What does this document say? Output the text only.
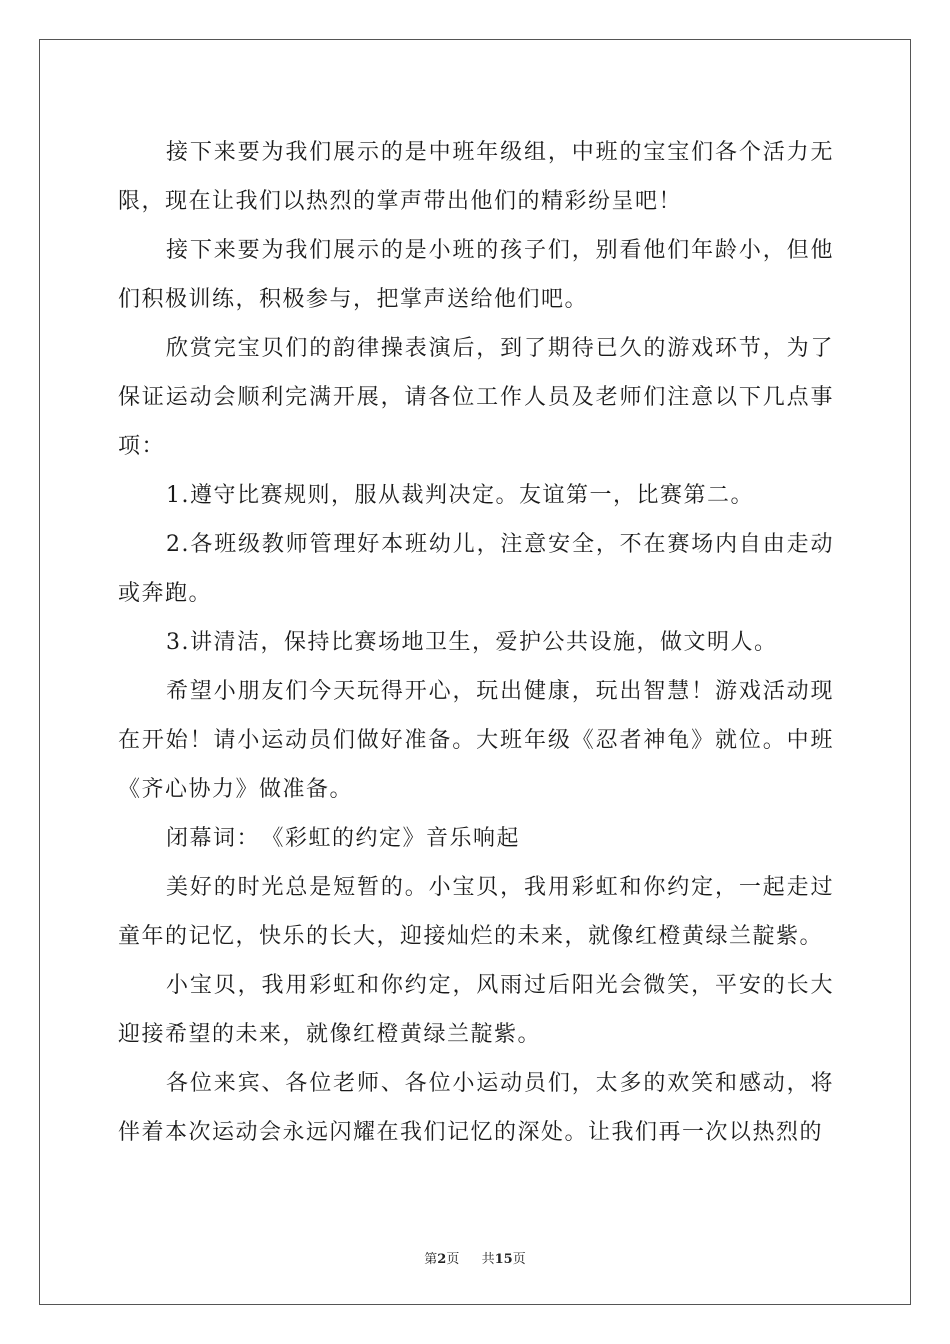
接下来要为我们展示的是中班年级组，中班的宝宝们各个活力无限，现在让我们以热烈的掌声带出他们的精彩纷呈吧！

接下来要为我们展示的是小班的孩子们，别看他们年龄小，但他们积极训练，积极参与，把掌声送给他们吧。

欣赏完宝贝们的韵律操表演后，到了期待已久的游戏环节，为了保证运动会顺利完满开展，请各位工作人员及老师们注意以下几点事项：

1.遵守比赛规则，服从裁判决定。友谊第一，比赛第二。

2.各班级教师管理好本班幼儿，注意安全，不在赛场内自由走动或奔跑。

3.讲清洁，保持比赛场地卫生，爱护公共设施，做文明人。

希望小朋友们今天玩得开心，玩出健康，玩出智慧！游戏活动现在开始！请小运动员们做好准备。大班年级《忍者神龟》就位。中班《齐心协力》做准备。

闭幕词：　《彩虹的约定》音乐响起

美好的时光总是短暂的。小宝贝，我用彩虹和你约定，一起走过童年的记忆，快乐的长大，迎接灿烂的未来，就像红橙黄绿兰靛紫。

小宝贝，我用彩虹和你约定，风雨过后阳光会微笑，平安的长大迎接希望的未来，就像红橙黄绿兰靛紫。

各位来宾、各位老师、各位小运动员们，太多的欢笑和感动，将伴着本次运动会永远闪耀在我们记忆的深处。让我们再一次以热烈的

第2页 共15页
